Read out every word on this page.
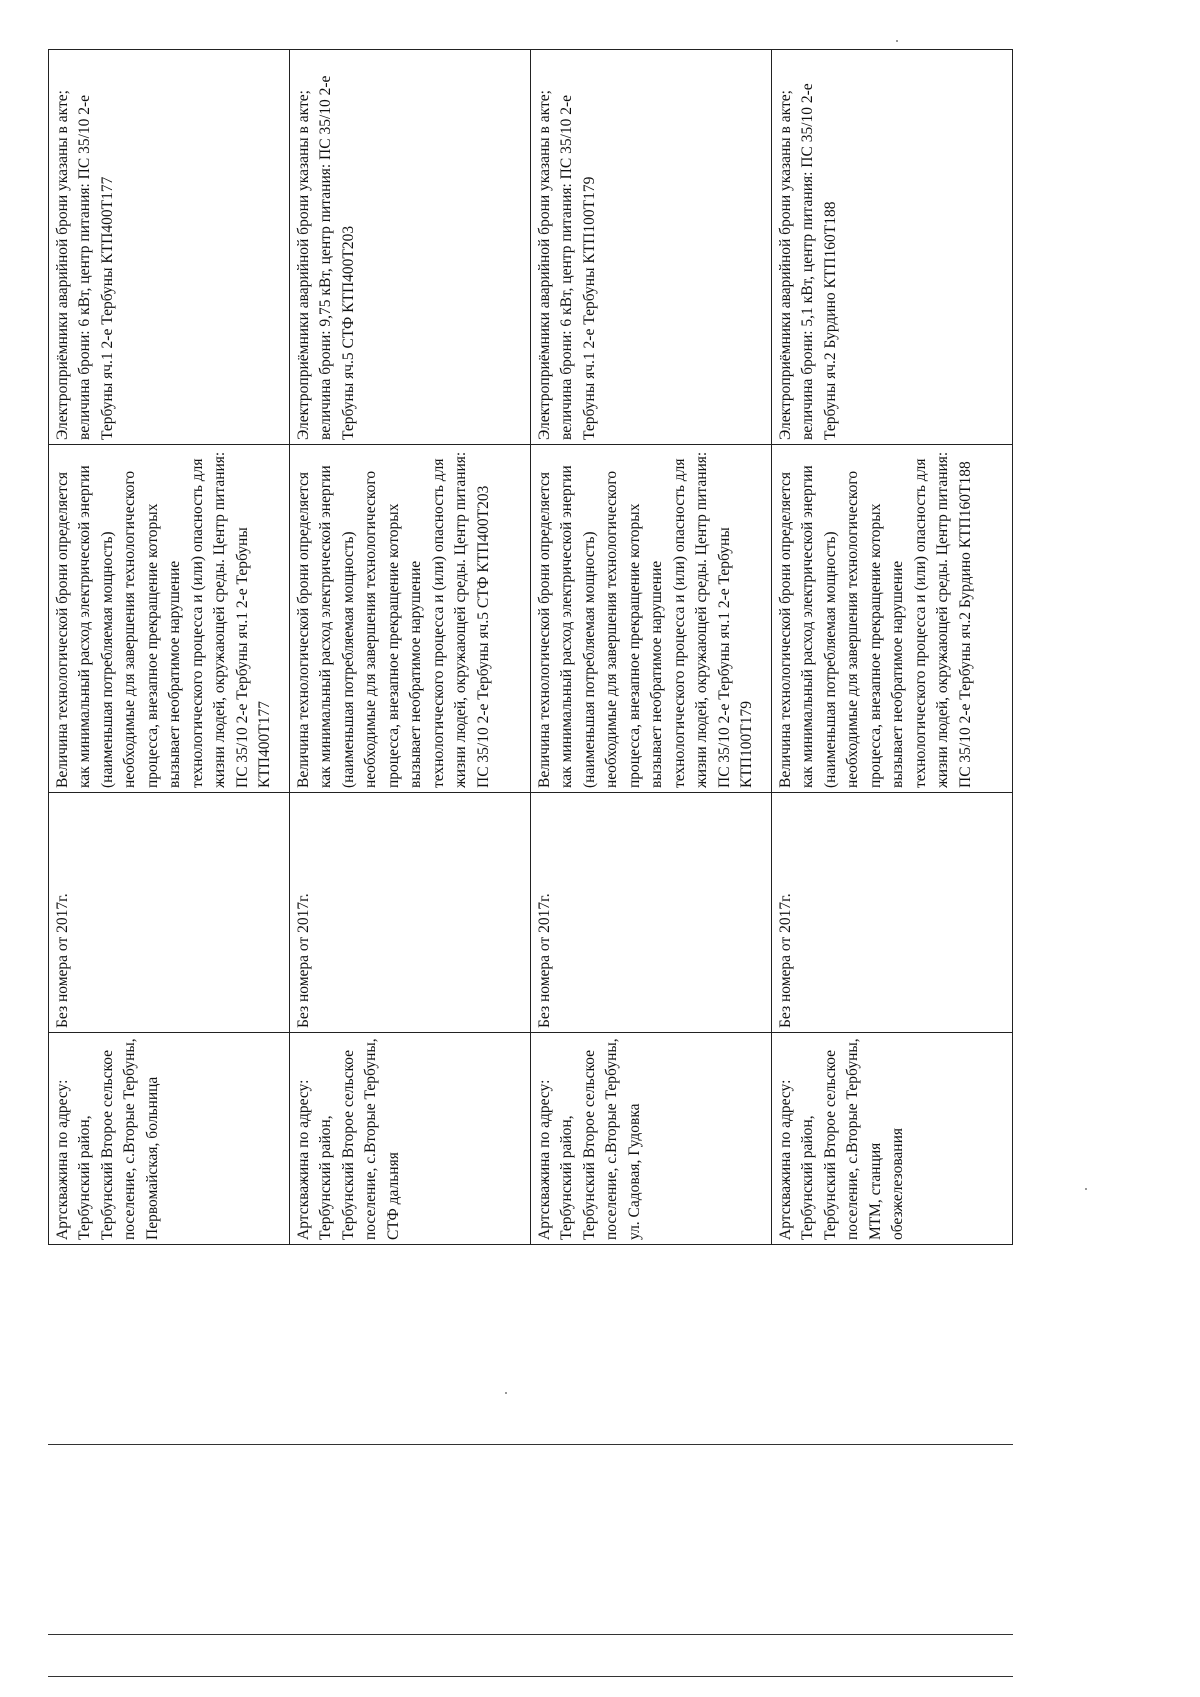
Артскважина по адресу: Тербунский район, Тербунский Второе сельское поселение, с.Вторые Тербуны, Первомайская, больница	Без номера от 2017г.	Величина технологической брони определяется как минимальный расход электрической энергии (наименьшая потребляемая мощность) необходимые для завершения технологического процесса, внезапное прекращение которых вызывает необратимое нарушение технологического процесса и (или) опасность для жизни людей, окружающей среды. Центр питания: ПС 35/10 2-е Тербуны яч.1 2-е Тербуны КТП400Т177	Электроприёмники аварийной брони указаны в акте; величина брони: 6 кВт, центр питания: ПС 35/10 2-е Тербуны яч.1 2-е Тербуны КТП400Т177
Артскважина по адресу: Тербунский район, Тербунский Второе сельское поселение, с.Вторые Тербуны, СТФ дальняя	Без номера от 2017г.	Величина технологической брони определяется как минимальный расход электрической энергии (наименьшая потребляемая мощность) необходимые для завершения технологического процесса, внезапное прекращение которых вызывает необратимое нарушение технологического процесса и (или) опасность для жизни людей, окружающей среды. Центр питания: ПС 35/10 2-е Тербуны яч.5 СТФ КТП400Т203	Электроприёмники аварийной брони указаны в акте; величина брони: 9,75 кВт, центр питания: ПС 35/10 2-е Тербуны яч.5 СТФ КТП400Т203
Артскважина по адресу: Тербунский район, Тербунский Второе сельское поселение, с.Вторые Тербуны, ул. Садовая, Гудовка	Без номера от 2017г.	Величина технологической брони определяется как минимальный расход электрической энергии (наименьшая потребляемая мощность) необходимые для завершения технологического процесса, внезапное прекращение которых вызывает необратимое нарушение технологического процесса и (или) опасность для жизни людей, окружающей среды. Центр питания: ПС 35/10 2-е Тербуны яч.1 2-е Тербуны КТП100Т179	Электроприёмники аварийной брони указаны в акте; величина брони: 6 кВт, центр питания: ПС 35/10 2-е Тербуны яч.1 2-е Тербуны КТП100Т179
Артскважина по адресу: Тербунский район, Тербунский Второе сельское поселение, с.Вторые Тербуны, МТМ, станция обезжелезования	Без номера от 2017г.	Величина технологической брони определяется как минимальный расход электрической энергии (наименьшая потребляемая мощность) необходимые для завершения технологического процесса, внезапное прекращение которых вызывает необратимое нарушение технологического процесса и (или) опасность для жизни людей, окружающей среды. Центр питания: ПС 35/10 2-е Тербуны яч.2 Бурдино КТП160Т188	Электроприёмники аварийной брони указаны в акте; величина брони: 5,1 кВт, центр питания: ПС 35/10 2-е Тербуны яч.2 Бурдино КТП160Т188
